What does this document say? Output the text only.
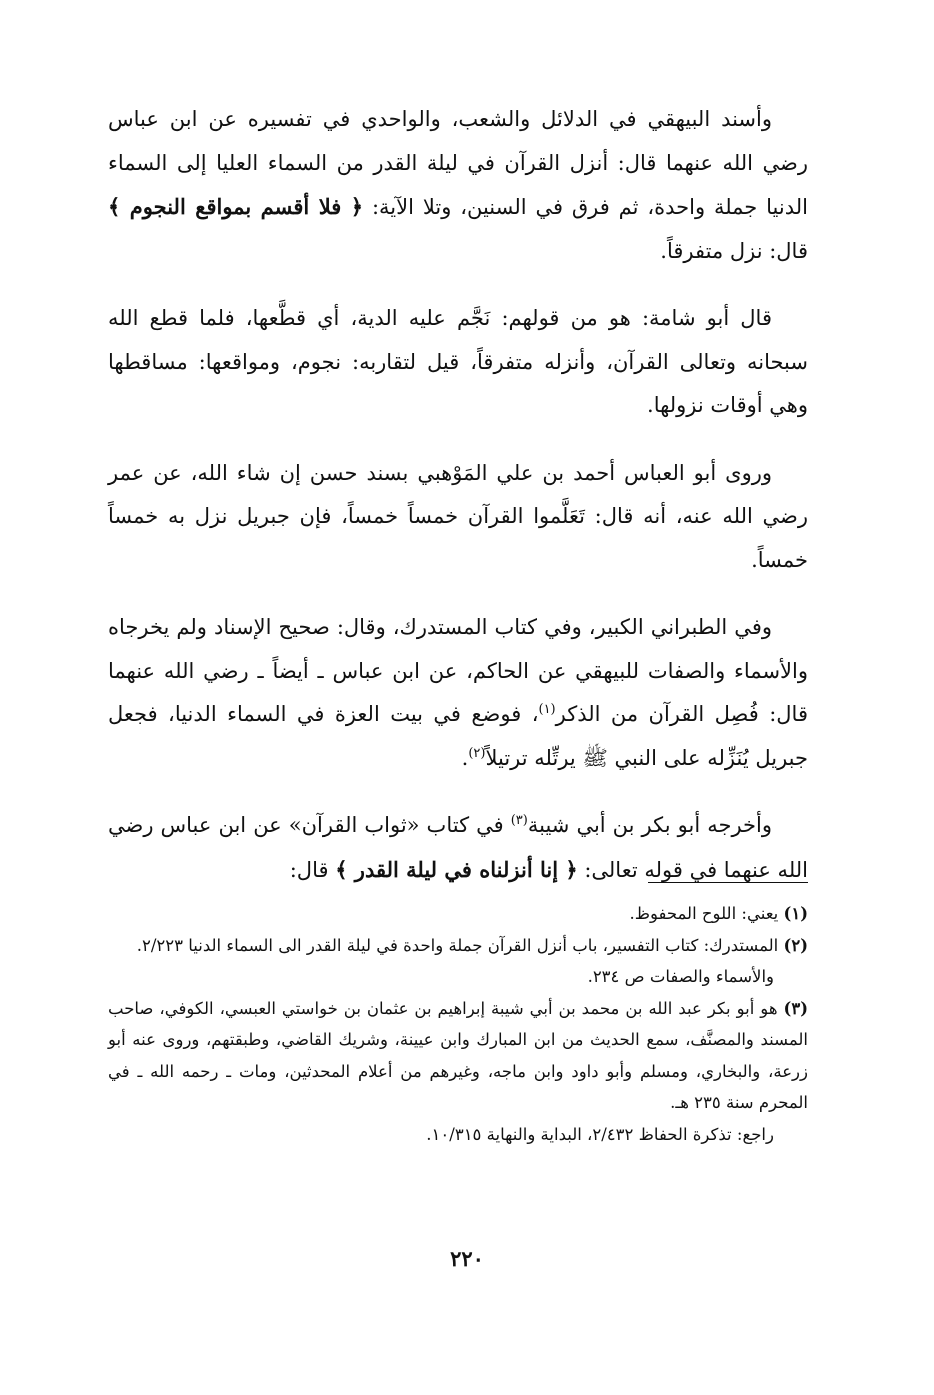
وأسند البيهقي في الدلائل والشعب، والواحدي في تفسيره عن ابن عباس رضي الله عنهما قال: أنزل القرآن في ليلة القدر من السماء العليا إلى السماء الدنيا جملة واحدة، ثم فرق في السنين، وتلا الآية: ﴿ فلا أقسم بمواقع النجوم ﴾ قال: نزل متفرقاً.

قال أبو شامة: هو من قولهم: نَجَّم عليه الدية، أي قطَّعها، فلما قطع الله سبحانه وتعالى القرآن، وأنزله متفرقاً، قيل لتقاربه: نجوم، ومواقعها: مساقطها وهي أوقات نزولها.

وروى أبو العباس أحمد بن علي المَوْهبي بسند حسن إن شاء الله، عن عمر رضي الله عنه، أنه قال: تَعَلَّموا القرآن خمساً خمساً، فإن جبريل نزل به خمساً خمساً.

وفي الطبراني الكبير، وفي كتاب المستدرك، وقال: صحيح الإسناد ولم يخرجاه والأسماء والصفات للبيهقي عن الحاكم، عن ابن عباس ـ أيضاً ـ رضي الله عنهما قال: فُصِل القرآن من الذكر$^{(١)}$، فوضع في بيت العزة في السماء الدنيا، فجعل جبريل يُنَزِّله على النبي ﷺ يرتِّله ترتيلاً$^{(٢)}$.

وأخرجه أبو بكر بن أبي شيبة$^{(٣)}$ في كتاب «ثواب القرآن» عن ابن عباس رضي الله عنهما في قوله تعالى: ﴿ إنا أنزلناه في ليلة القدر ﴾ قال:

(١) يعني: اللوح المحفوظ.

(٢) المستدرك: كتاب التفسير، باب أنزل القرآن جملة واحدة في ليلة القدر الى السماء الدنيا ٢/٢٢٣.

والأسماء والصفات ص ٢٣٤.

(٣) هو أبو بكر عبد الله بن محمد بن أبي شيبة إبراهيم بن عثمان بن خواستي العبسي، الكوفي، صاحب المسند والمصنَّف، سمع الحديث من ابن المبارك وابن عيينة، وشريك القاضي، وطبقتهم، وروى عنه أبو زرعة، والبخاري، ومسلم وأبو داود وابن ماجه، وغيرهم من أعلام المحدثين، ومات ـ رحمه الله ـ في المحرم سنة ٢٣٥ هـ.

راجع: تذكرة الحفاظ ٢/٤٣٢، البداية والنهاية ١٠/٣١٥.

٢٢٠
